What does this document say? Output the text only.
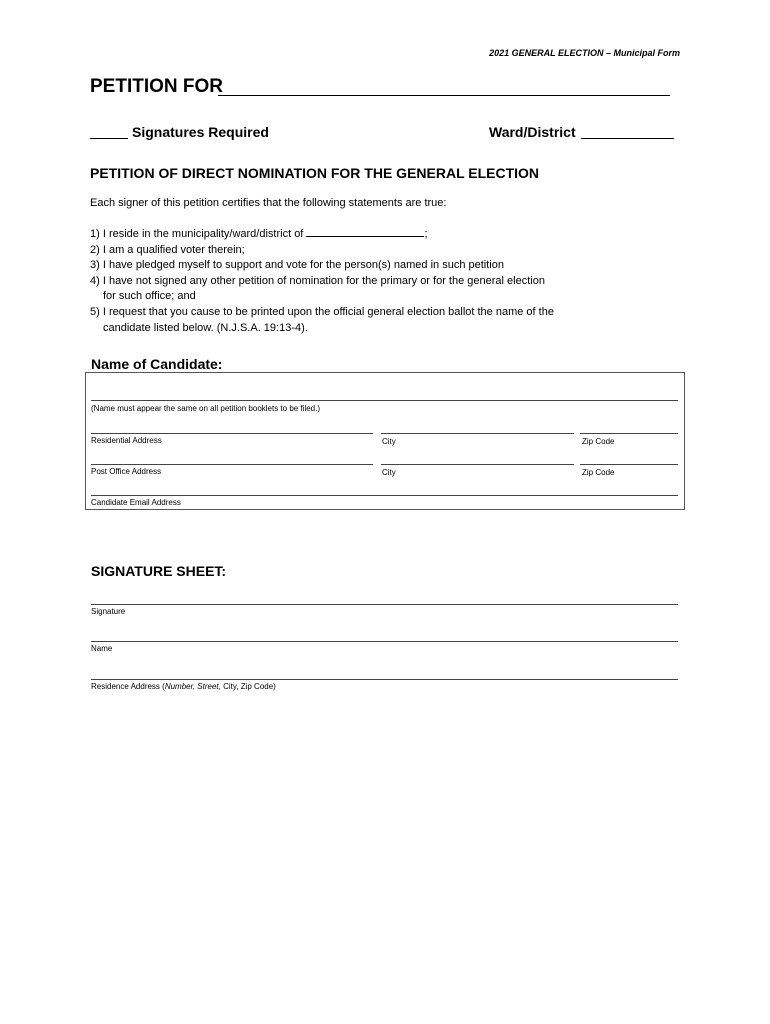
2021 GENERAL ELECTION – Municipal Form
PETITION FOR
Signatures Required	Ward/District
PETITION OF DIRECT NOMINATION FOR THE GENERAL ELECTION
Each signer of this petition certifies that the following statements are true:
1) I reside in the municipality/ward/district of	;
2) I am a qualified voter therein;
3) I have pledged myself to support and vote for the person(s) named in such petition
4) I have not signed any other petition of nomination for the primary or for the general election
for such office; and
5) I request that you cause to be printed upon the official general election ballot the name of the
candidate listed below. (N.J.S.A. 19:13-4).
Name of Candidate:
(Name must appear the same on all petition booklets to be filed.)
Residential Address	City	Zip Code
Post Office Address	City	Zip Code
Candidate Email Address
SIGNATURE SHEET:
Signature
Name
Residence Address (Number, Street, City, Zip Code)
